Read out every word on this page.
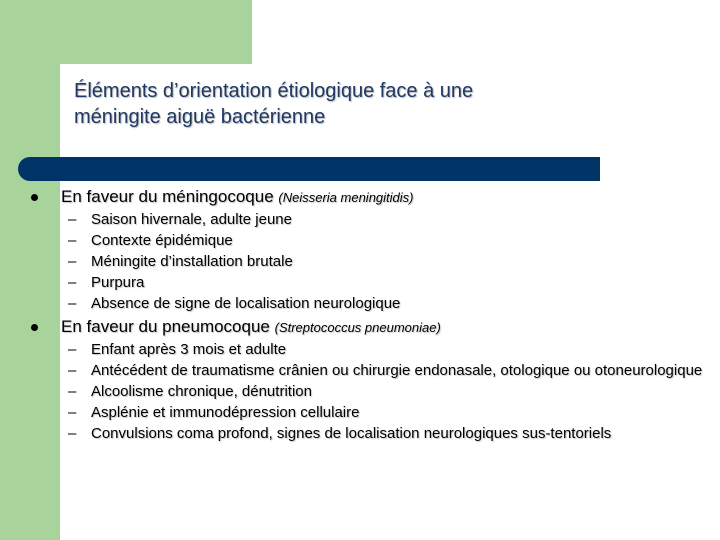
Éléments d’orientation étiologique face à une
méningite aiguë bactérienne
En faveur du méningocoque (Neisseria meningitidis)
– Saison hivernale, adulte jeune
– Contexte épidémique
– Méningite d’installation brutale
– Purpura
– Absence de signe de localisation neurologique
En faveur du pneumocoque (Streptococcus pneumoniae)
– Enfant après 3 mois et adulte
– Antécédent de traumatisme crânien ou chirurgie endonasale, otologique ou otoneurologique
– Alcoolisme chronique, dénutrition
– Asplénie et immunodépression cellulaire
– Convulsions coma profond, signes de localisation neurologiques sus-tentoriels
